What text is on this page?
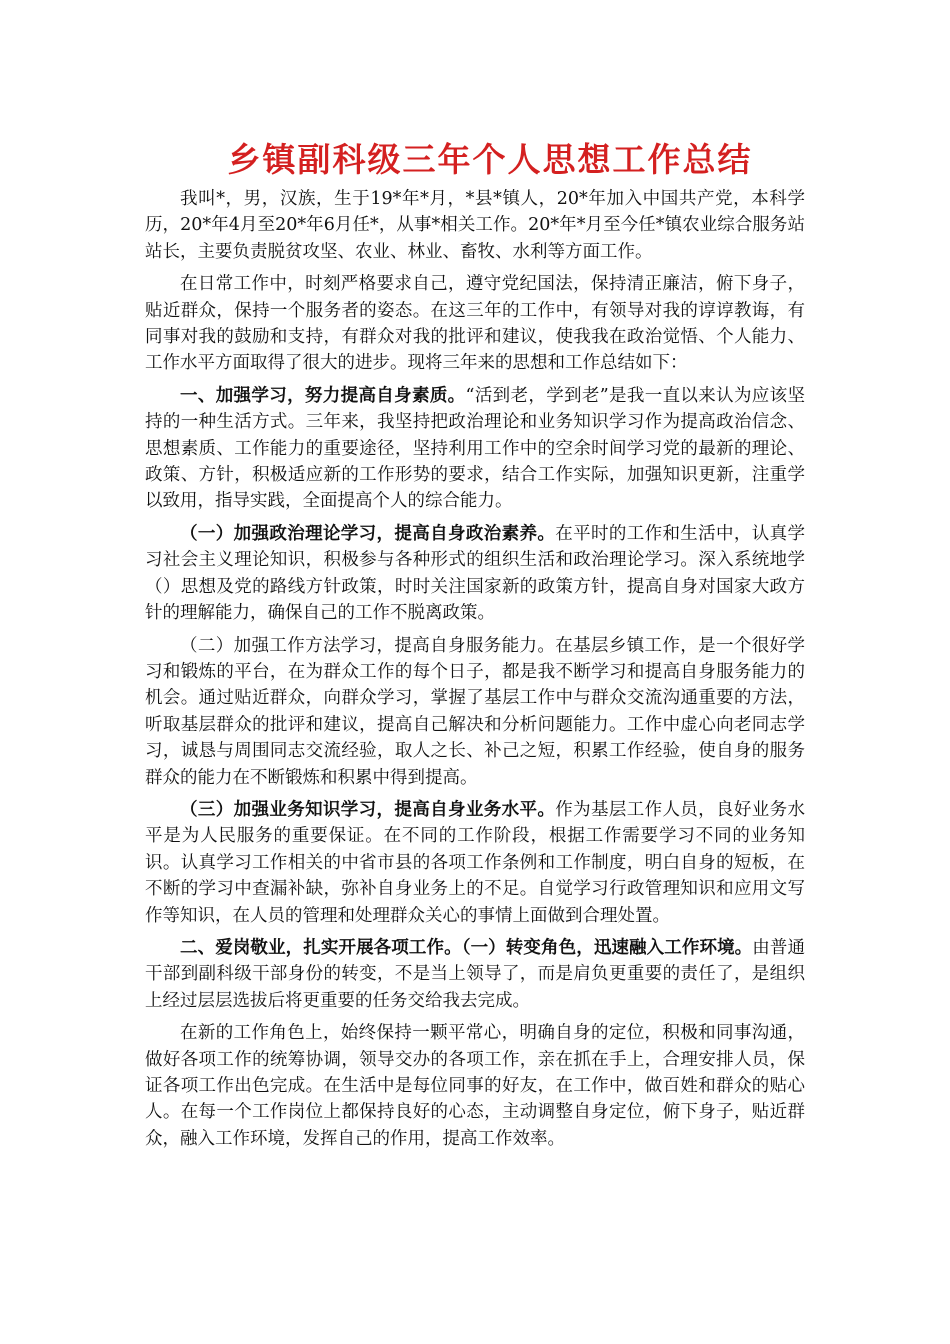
乡镇副科级三年个人思想工作总结

我叫*，男，汉族，生于19*年*月，*县*镇人，20*年加入中国共产党，本科学历，20*年4月至20*年6月任*，从事*相关工作。20*年*月至今任*镇农业综合服务站站长，主要负责脱贫攻坚、农业、林业、畜牧、水利等方面工作。

在日常工作中，时刻严格要求自己，遵守党纪国法，保持清正廉洁，俯下身子，贴近群众，保持一个服务者的姿态。在这三年的工作中，有领导对我的谆谆教诲，有同事对我的鼓励和支持，有群众对我的批评和建议，使我我在政治觉悟、个人能力、工作水平方面取得了很大的进步。现将三年来的思想和工作总结如下：

一、加强学习，努力提高自身素质。“活到老，学到老”是我一直以来认为应该坚持的一种生活方式。三年来，我坚持把政治理论和业务知识学习作为提高政治信念、思想素质、工作能力的重要途径，坚持利用工作中的空余时间学习党的最新的理论、政策、方针，积极适应新的工作形势的要求，结合工作实际，加强知识更新，注重学以致用，指导实践，全面提高个人的综合能力。

（一）加强政治理论学习，提高自身政治素养。在平时的工作和生活中，认真学习社会主义理论知识，积极参与各种形式的组织生活和政治理论学习。深入系统地学（）思想及党的路线方针政策，时时关注国家新的政策方针，提高自身对国家大政方针的理解能力，确保自己的工作不脱离政策。

（二）加强工作方法学习，提高自身服务能力。在基层乡镇工作，是一个很好学习和锻炼的平台，在为群众工作的每个日子，都是我不断学习和提高自身服务能力的机会。通过贴近群众，向群众学习，掌握了基层工作中与群众交流沟通重要的方法，听取基层群众的批评和建议，提高自己解决和分析问题能力。工作中虚心向老同志学习，诚恳与周围同志交流经验，取人之长、补己之短，积累工作经验，使自身的服务群众的能力在不断锻炼和积累中得到提高。

（三）加强业务知识学习，提高自身业务水平。作为基层工作人员，良好业务水平是为人民服务的重要保证。在不同的工作阶段，根据工作需要学习不同的业务知识。认真学习工作相关的中省市县的各项工作条例和工作制度，明白自身的短板，在不断的学习中查漏补缺，弥补自身业务上的不足。自觉学习行政管理知识和应用文写作等知识，在人员的管理和处理群众关心的事情上面做到合理处置。

二、爱岗敬业，扎实开展各项工作。（一）转变角色，迅速融入工作环境。由普通干部到副科级干部身份的转变，不是当上领导了，而是肩负更重要的责任了，是组织上经过层层选拔后将更重要的任务交给我去完成。

在新的工作角色上，始终保持一颗平常心，明确自身的定位，积极和同事沟通，做好各项工作的统筹协调，领导交办的各项工作，亲在抓在手上，合理安排人员，保证各项工作出色完成。在生活中是每位同事的好友，在工作中，做百姓和群众的贴心人。在每一个工作岗位上都保持良好的心态，主动调整自身定位，俯下身子，贴近群众，融入工作环境，发挥自己的作用，提高工作效率。
